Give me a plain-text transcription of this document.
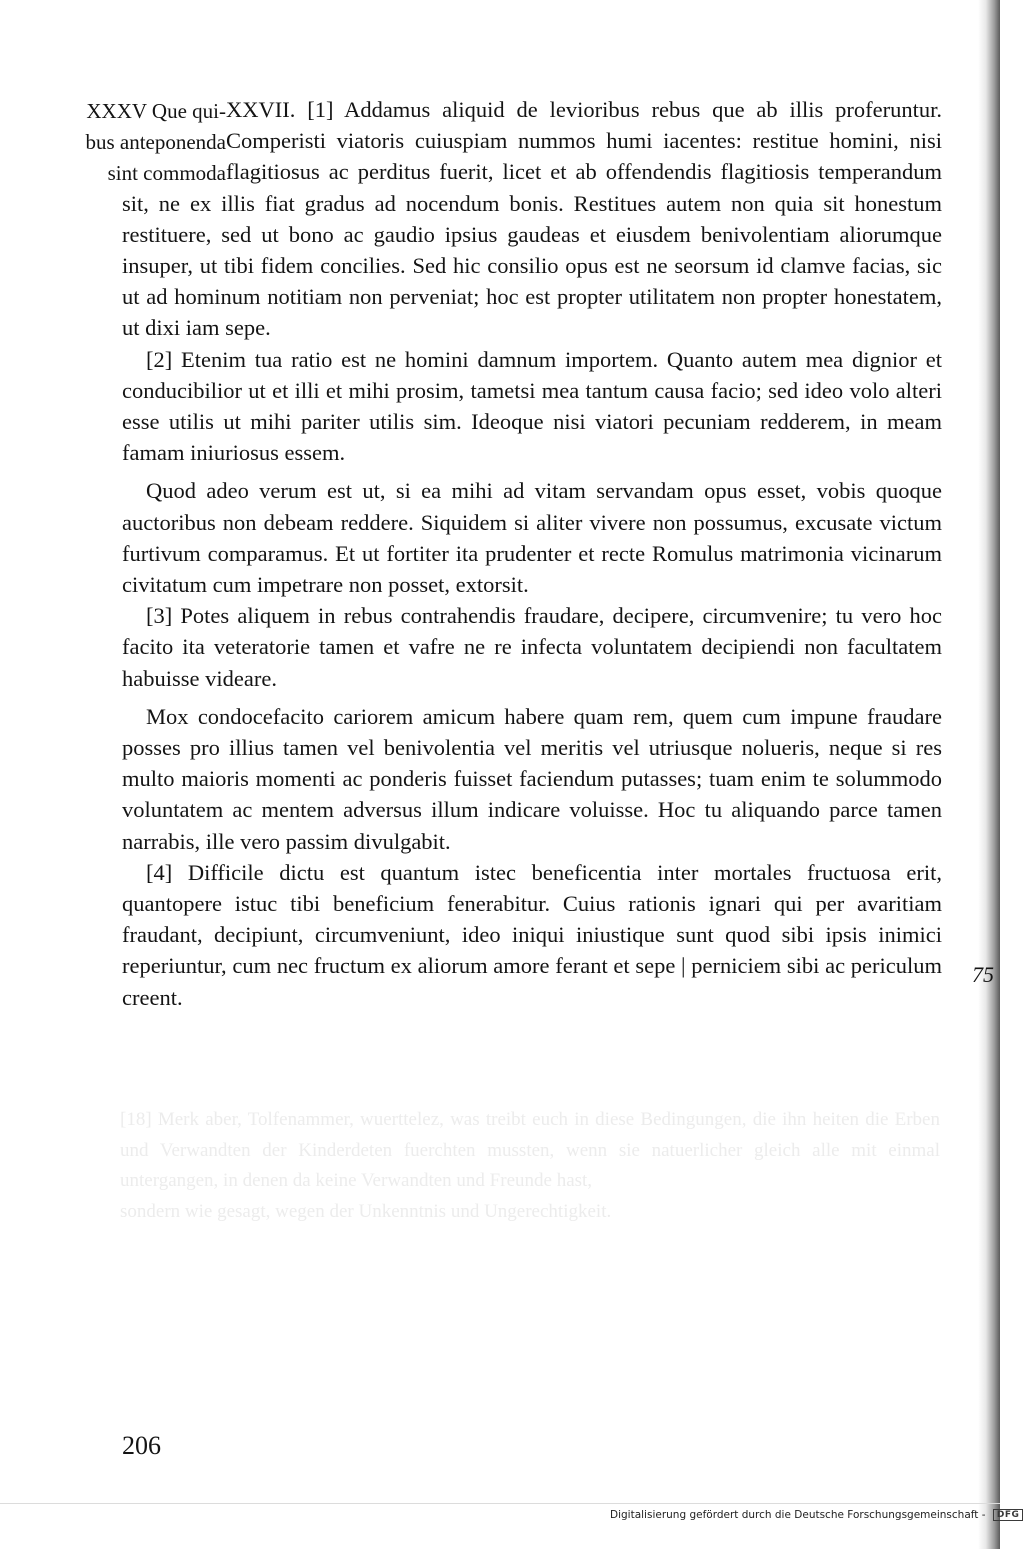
[18] Merk aber, Tolfenammer, wuerttelez, was treibt euch in diese Bedingungen, die ihn heiten die Erben und Verwandten der Kinderdeten fuerchten mussten, wenn sie natuerlicher gleich alle mit einmal untergangen, in denen da keine Verwandten und Freunde hast,

sondern wie gesagt, wegen der Unkenntnis und Ungerechtigkeit.

XXXV Que qui-
bus anteponenda
sint commoda

XXVII. [1] Addamus aliquid de levioribus rebus que ab illis proferuntur. Comperisti viatoris cuiuspiam nummos humi iacentes: restitue homini, nisi flagitiosus ac perditus fuerit, licet et ab offendendis flagitiosis temperandum sit, ne ex illis fiat gradus ad nocendum bonis. Restitues autem non quia sit honestum restituere, sed ut bono ac gaudio ipsius gaudeas et eiusdem benivolentiam aliorumque insuper, ut tibi fidem concilies. Sed hic consilio opus est ne seorsum id clamve facias, sic ut ad hominum notitiam non perveniat; hoc est propter utilitatem non propter honestatem, ut dixi iam sepe.

[2] Etenim tua ratio est ne homini damnum importem. Quanto autem mea dignior et conducibilior ut et illi et mihi prosim, tametsi mea tantum causa facio; sed ideo volo alteri esse utilis ut mihi pariter utilis sim. Ideoque nisi viatori pecuniam redderem, in meam famam iniuriosus essem.

Quod adeo verum est ut, si ea mihi ad vitam servandam opus esset, vobis quoque auctoribus non debeam reddere. Siquidem si aliter vivere non possumus, excusate victum furtivum comparamus. Et ut fortiter ita prudenter et recte Romulus matrimonia vicinarum civitatum cum impetrare non posset, extorsit.

[3] Potes aliquem in rebus contrahendis fraudare, decipere, circumvenire; tu vero hoc facito ita veteratorie tamen et vafre ne re infecta voluntatem decipiendi non facultatem habuisse videare.

Mox condocefacito cariorem amicum habere quam rem, quem cum impune fraudare posses pro illius tamen vel benivolentia vel meritis vel utriusque nolueris, neque si res multo maioris momenti ac ponderis fuisset faciendum putasses; tuam enim te solummodo voluntatem ac mentem adversus illum indicare voluisse. Hoc tu aliquando parce tamen narrabis, ille vero passim divulgabit.

[4] Difficile dictu est quantum istec beneficentia inter mortales fructuosa erit, quantopere istuc tibi beneficium fenerabitur. Cuius rationis ignari qui per avaritiam fraudant, decipiunt, circumveniunt, ideo iniqui iniustique sunt quod sibi ipsis inimici reperiuntur, cum nec fructum ex aliorum amore ferant et sepe | perniciem sibi ac periculum creent.

75
206
Digitalisierung gefördert durch die Deutsche Forschungsgemeinschaft - DFG
